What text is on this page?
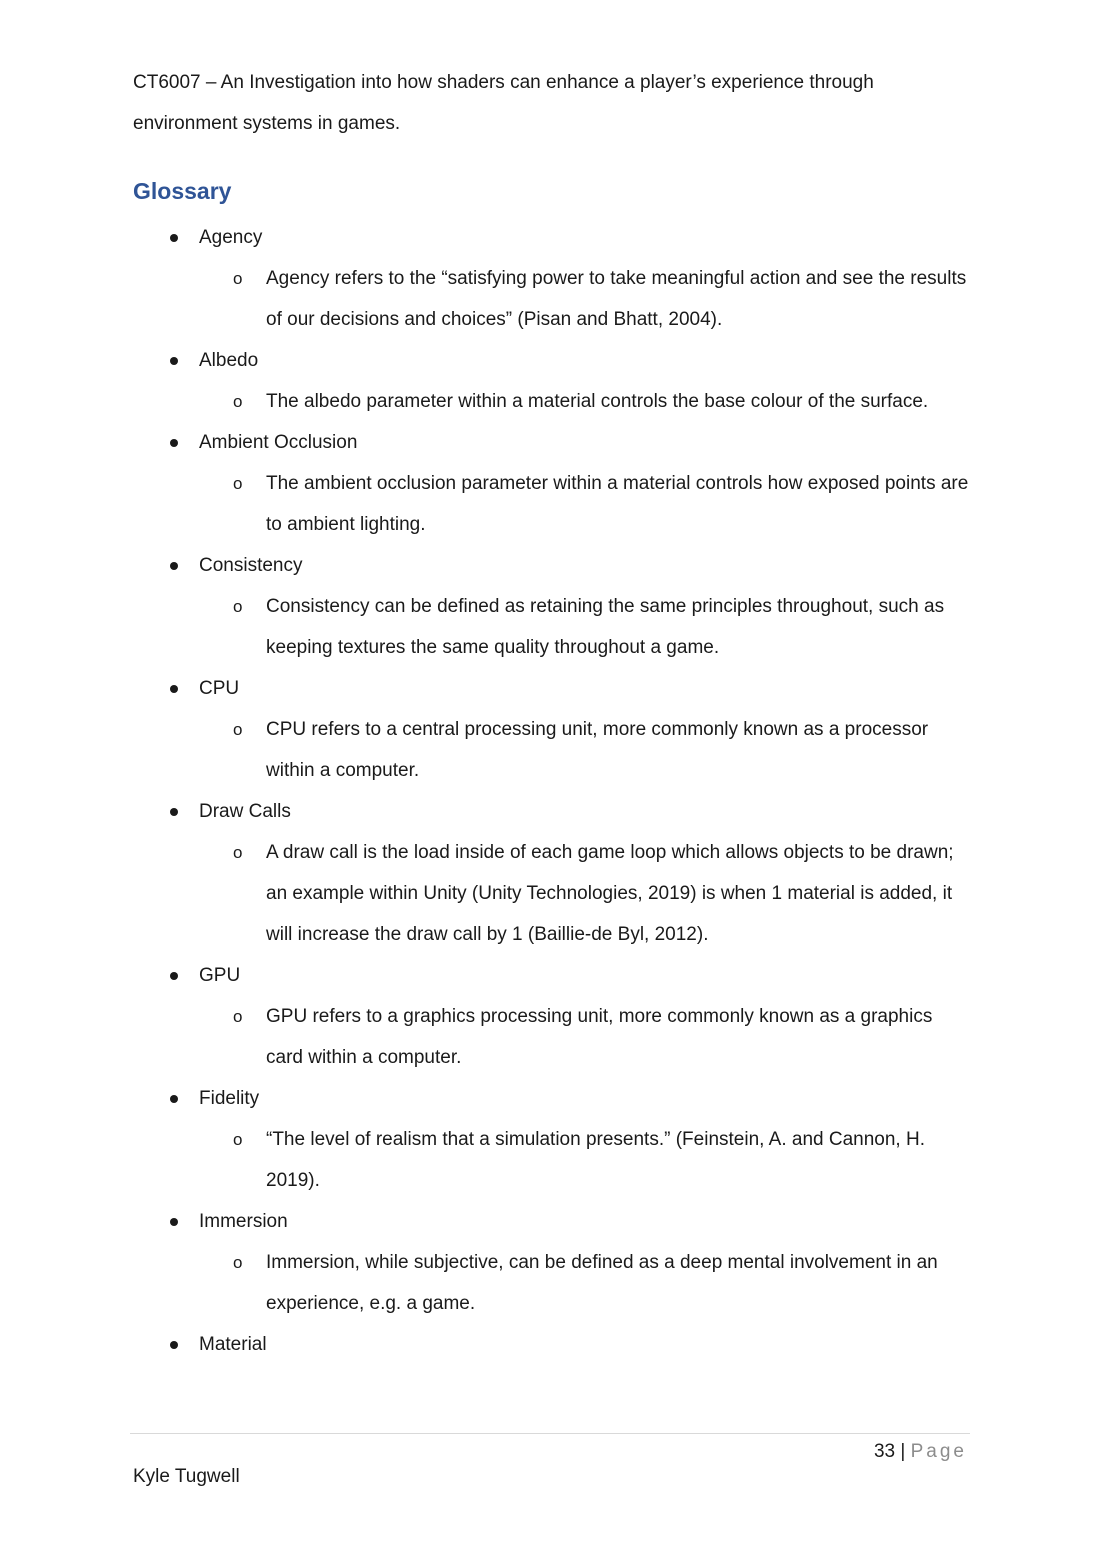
CT6007 – An Investigation into how shaders can enhance a player’s experience through environment systems in games.

Glossary
Agency
o Agency refers to the “satisfying power to take meaningful action and see the results of our decisions and choices” (Pisan and Bhatt, 2004).
Albedo
o The albedo parameter within a material controls the base colour of the surface.
Ambient Occlusion
o The ambient occlusion parameter within a material controls how exposed points are to ambient lighting.
Consistency
o Consistency can be defined as retaining the same principles throughout, such as keeping textures the same quality throughout a game.
CPU
o CPU refers to a central processing unit, more commonly known as a processor within a computer.
Draw Calls
o A draw call is the load inside of each game loop which allows objects to be drawn; an example within Unity (Unity Technologies, 2019) is when 1 material is added, it will increase the draw call by 1 (Baillie-de Byl, 2012).
GPU
o GPU refers to a graphics processing unit, more commonly known as a graphics card within a computer.
Fidelity
o “The level of realism that a simulation presents.” (Feinstein, A. and Cannon, H. 2019).
Immersion
o Immersion, while subjective, can be defined as a deep mental involvement in an experience, e.g. a game.
Material
33 | Page
Kyle Tugwell
